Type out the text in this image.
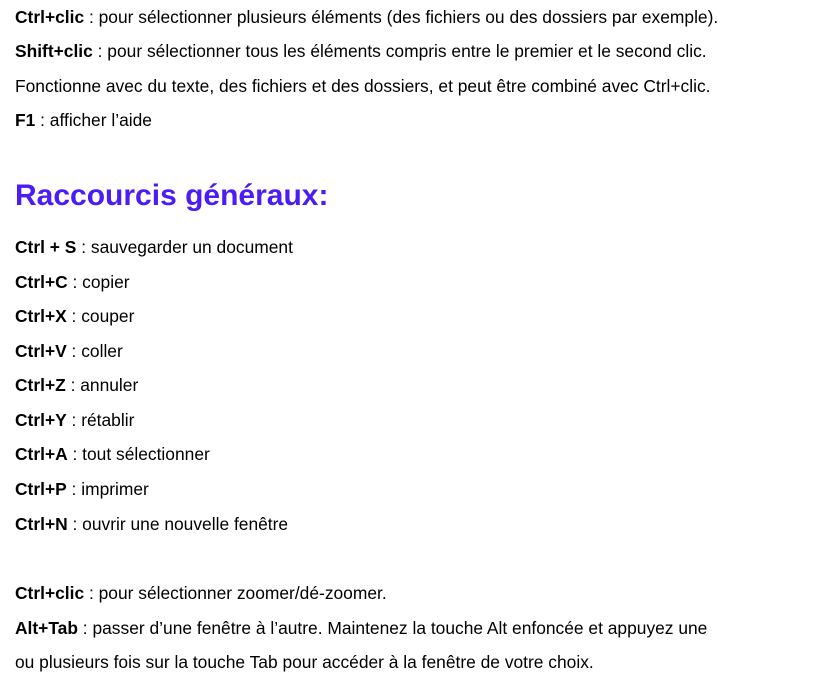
Ctrl+clic : pour sélectionner plusieurs éléments (des fichiers ou des dossiers par exemple).
Shift+clic : pour sélectionner tous les éléments compris entre le premier et le second clic.
Fonctionne avec du texte, des fichiers et des dossiers, et peut être combiné avec Ctrl+clic.
F1 : afficher l’aide
Raccourcis généraux:
Ctrl + S : sauvegarder un document
Ctrl+C : copier
Ctrl+X : couper
Ctrl+V : coller
Ctrl+Z : annuler
Ctrl+Y : rétablir
Ctrl+A : tout sélectionner
Ctrl+P : imprimer
Ctrl+N : ouvrir une nouvelle fenêtre
Ctrl+clic : pour sélectionner zoomer/dé-zoomer.
Alt+Tab : passer d’une fenêtre à l’autre. Maintenez la touche Alt enfoncée et appuyez une
ou plusieurs fois sur la touche Tab pour accéder à la fenêtre de votre choix.
